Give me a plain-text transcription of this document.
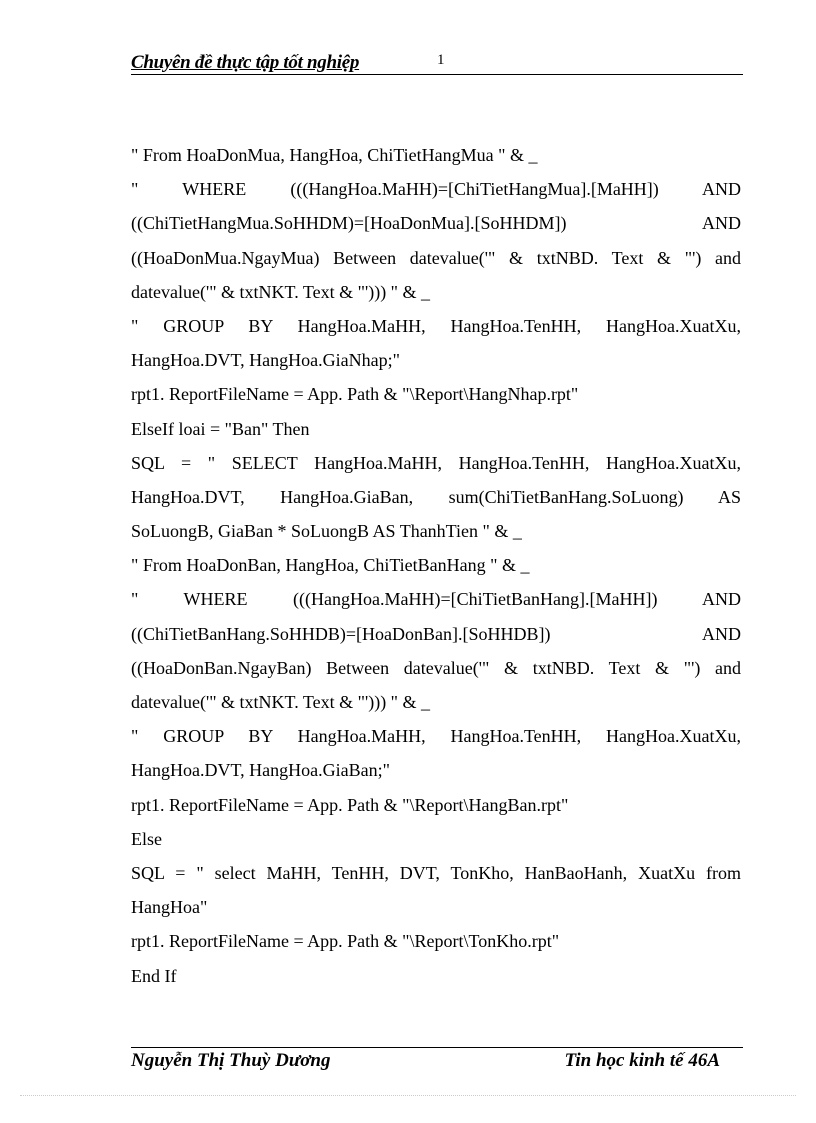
Chuyên đề thực tập tốt nghiệp	1
" From HoaDonMua, HangHoa, ChiTietHangMua " & _
" WHERE (((HangHoa.MaHH)=[ChiTietHangMua].[MaHH]) AND
((ChiTietHangMua.SoHHDM)=[HoaDonMua].[SoHHDM]) AND
((HoaDonMua.NgayMua) Between datevalue('" & txtNBD. Text & "') and
datevalue('" & txtNKT. Text & "'))) " & _
" GROUP BY HangHoa.MaHH, HangHoa.TenHH, HangHoa.XuatXu,
HangHoa.DVT, HangHoa.GiaNhap;"
rpt1. ReportFileName = App. Path & "\Report\HangNhap.rpt"
ElseIf loai = "Ban" Then
SQL = " SELECT HangHoa.MaHH, HangHoa.TenHH, HangHoa.XuatXu,
HangHoa.DVT, HangHoa.GiaBan, sum(ChiTietBanHang.SoLuong) AS
SoLuongB, GiaBan * SoLuongB AS ThanhTien " & _
" From HoaDonBan, HangHoa, ChiTietBanHang " & _
" WHERE (((HangHoa.MaHH)=[ChiTietBanHang].[MaHH]) AND
((ChiTietBanHang.SoHHDB)=[HoaDonBan].[SoHHDB]) AND
((HoaDonBan.NgayBan) Between datevalue('" & txtNBD. Text & "') and
datevalue('" & txtNKT. Text & "'))) " & _
" GROUP BY HangHoa.MaHH, HangHoa.TenHH, HangHoa.XuatXu,
HangHoa.DVT, HangHoa.GiaBan;"
rpt1. ReportFileName = App. Path & "\Report\HangBan.rpt"
Else
SQL = " select MaHH, TenHH, DVT, TonKho, HanBaoHanh, XuatXu from
HangHoa"
rpt1. ReportFileName = App. Path & "\Report\TonKho.rpt"
End If
Nguyễn Thị Thuỳ Dương	Tin học kinh tế 46A
